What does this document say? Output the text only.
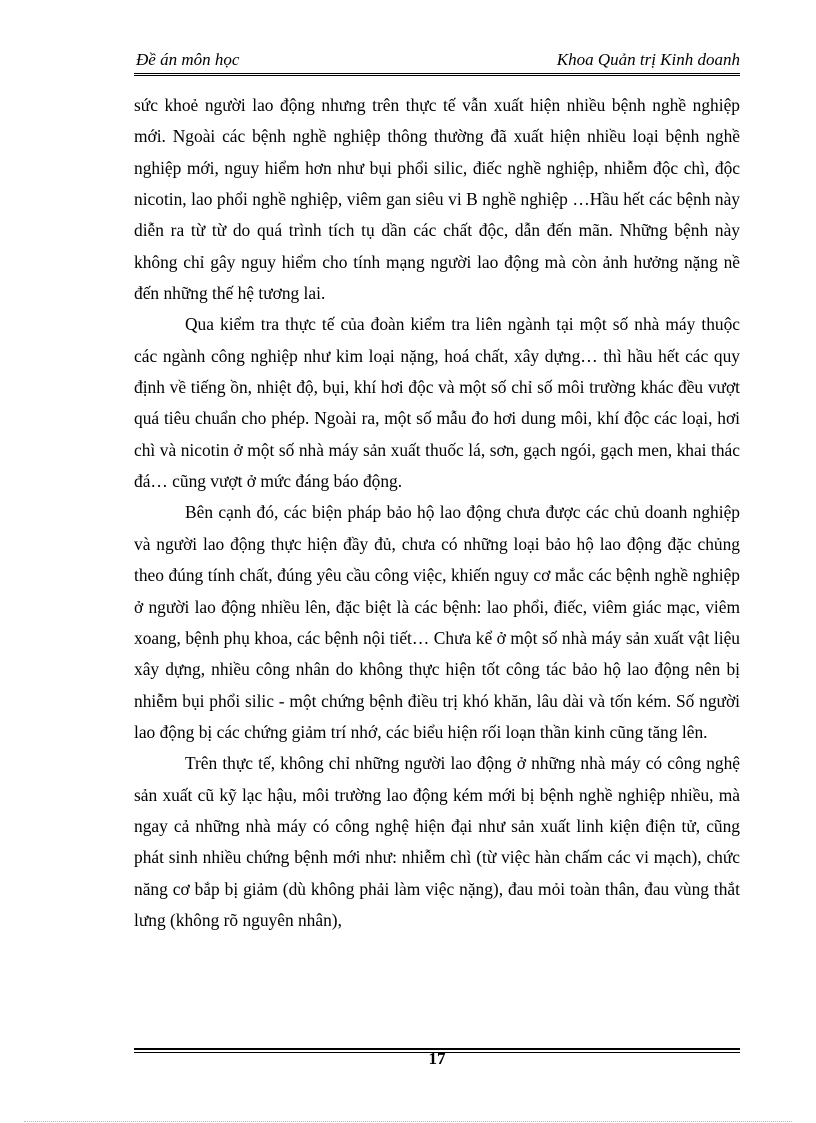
Đề án môn học	Khoa Quản trị Kinh doanh

sức khoẻ người lao động nhưng trên thực tế vẫn xuất hiện nhiều bệnh nghề nghiệp mới. Ngoài các bệnh nghề nghiệp thông thường đã xuất hiện nhiều loại bệnh nghề nghiệp mới, nguy hiểm hơn như bụi phổi silic, điếc nghề nghiệp, nhiễm độc chì, độc nicotin, lao phổi nghề nghiệp, viêm gan siêu vi B nghề nghiệp …Hầu hết các bệnh này diễn ra từ từ do quá trình tích tụ dần các chất độc, dẫn đến mãn. Những bệnh này không chỉ gây nguy hiểm cho tính mạng người lao động mà còn ảnh hưởng nặng nề đến những thế hệ tương lai.

Qua kiểm tra thực tế của đoàn kiểm tra liên ngành tại một số nhà máy thuộc các ngành công nghiệp như kim loại nặng, hoá chất, xây dựng… thì hầu hết các quy định về tiếng ồn, nhiệt độ, bụi, khí hơi độc và một số chỉ số môi trường khác đều vượt quá tiêu chuẩn cho phép. Ngoài ra, một số mẫu đo hơi dung môi, khí độc các loại, hơi chì và nicotin ở một số nhà máy sản xuất thuốc lá, sơn, gạch ngói, gạch men, khai thác đá… cũng vượt ở mức đáng báo động.

Bên cạnh đó, các biện pháp bảo hộ lao động chưa được các chủ doanh nghiệp và người lao động thực hiện đầy đủ, chưa có những loại bảo hộ lao động đặc chủng theo đúng tính chất, đúng yêu cầu công việc, khiến nguy cơ mắc các bệnh nghề nghiệp ở người lao động nhiều lên, đặc biệt là các bệnh: lao phổi, điếc, viêm giác mạc, viêm xoang, bệnh phụ khoa, các bệnh nội tiết… Chưa kể ở một số nhà máy sản xuất vật liệu xây dựng, nhiều công nhân do không thực hiện tốt công tác bảo hộ lao động nên bị nhiễm bụi phổi silic - một chứng bệnh điều trị khó khăn, lâu dài và tốn kém. Số người lao động bị các chứng giảm trí nhớ, các biểu hiện rối loạn thần kinh cũng tăng lên.

Trên thực tế, không chỉ những người lao động ở những nhà máy có công nghệ sản xuất cũ kỹ lạc hậu, môi trường lao động kém mới bị bệnh nghề nghiệp nhiều, mà ngay cả những nhà máy có công nghệ hiện đại như sản xuất linh kiện điện tử, cũng phát sinh nhiều chứng bệnh mới như: nhiễm chì (từ việc hàn chấm các vi mạch), chức năng cơ bắp bị giảm (dù không phải làm việc nặng), đau mỏi toàn thân, đau vùng thắt lưng (không rõ nguyên nhân),

17
